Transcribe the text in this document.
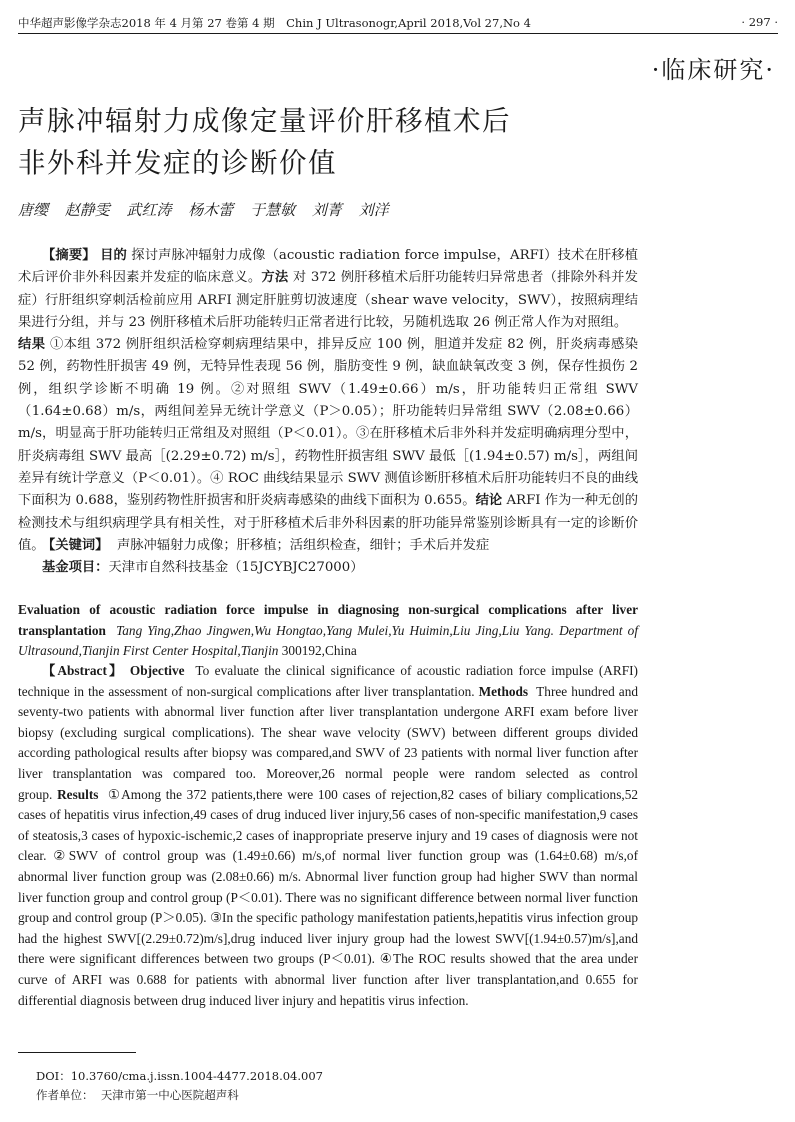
中华超声影像学杂志2018 年 4 月第 27 卷第 4 期　Chin J Ultrasonogr,April 2018,Vol 27,No 4	· 297 ·
·临床研究·
声脉冲辐射力成像定量评价肝移植术后
非外科并发症的诊断价值
唐缨 赵静雯 武红涛 杨木蕾 于慧敏 刘菁 刘洋

【摘要】 目的 探讨声脉冲辐射力成像（acoustic radiation force impulse，ARFI）技术在肝移植术后评价非外科因素并发症的临床意义。方法 对 372 例肝移植术后肝功能转归异常患者（排除外科并发症）行肝组织穿刺活检前应用 ARFI 测定肝脏剪切波速度（shear wave velocity，SWV），按照病理结果进行分组，并与 23 例肝移植术后肝功能转归正常者进行比较，另随机选取 26 例正常人作为对照组。
结果 ①本组 372 例肝组织活检穿刺病理结果中，排异反应 100 例，胆道并发症 82 例，肝炎病毒感染 52 例，药物性肝损害 49 例，无特异性表现 56 例，脂肪变性 9 例，缺血缺氧改变 3 例，保存性损伤 2 例，组织学诊断不明确 19 例。②对照组 SWV（1.49±0.66）m/s，肝功能转归正常组 SWV（1.64±0.68）m/s，两组间差异无统计学意义（P＞0.05）；肝功能转归异常组 SWV（2.08±0.66）m/s，明显高于肝功能转归正常组及对照组（P＜0.01）。③在肝移植术后非外科并发症明确病理分型中，肝炎病毒组 SWV 最高［(2.29±0.72) m/s］，药物性肝损害组 SWV 最低［(1.94±0.57) m/s］，两组间差异有统计学意义（P＜0.01）。④ ROC 曲线结果显示 SWV 测值诊断肝移植术后肝功能转归不良的曲线下面积为 0.688，鉴别药物性肝损害和肝炎病毒感染的曲线下面积为 0.655。结论 ARFI 作为一种无创的检测技术与组织病理学具有相关性，对于肝移植术后非外科因素的肝功能异常鉴别诊断具有一定的诊断价值。

【关键词】 声脉冲辐射力成像；肝移植；活组织检查，细针；手术后并发症

基金项目：天津市自然科技基金（15JCYBJC27000）

Evaluation of acoustic radiation force impulse in diagnosing non-surgical complications after liver transplantation Tang Ying,Zhao Jingwen,Wu Hongtao,Yang Mulei,Yu Huimin,Liu Jing,Liu Yang. Department of Ultrasound,Tianjin First Center Hospital,Tianjin 300192,China

【Abstract】 Objective To evaluate the clinical significance of acoustic radiation force impulse (ARFI) technique in the assessment of non-surgical complications after liver transplantation. Methods Three hundred and seventy-two patients with abnormal liver function after liver transplantation undergone ARFI exam before liver biopsy (excluding surgical complications). The shear wave velocity (SWV) between different groups divided according pathological results after biopsy was compared,and SWV of 23 patients with normal liver function after liver transplantation was compared too. Moreover,26 normal people were random selected as control group. Results ①Among the 372 patients,there were 100 cases of rejection,82 cases of biliary complications,52 cases of hepatitis virus infection,49 cases of drug induced liver injury,56 cases of non-specific manifestation,9 cases of steatosis,3 cases of hypoxic-ischemic,2 cases of inappropriate preserve injury and 19 cases of diagnosis were not clear. ②SWV of control group was (1.49±0.66) m/s,of normal liver function group was (1.64±0.68) m/s,of abnormal liver function group was (2.08±0.66) m/s. Abnormal liver function group had higher SWV than normal liver function group and control group (P＜0.01). There was no significant difference between normal liver function group and control group (P＞0.05). ③In the specific pathology manifestation patients,hepatitis virus infection group had the highest SWV[(2.29±0.72)m/s],drug induced liver injury group had the lowest SWV[(1.94±0.57)m/s],and there were significant differences between two groups (P＜0.01). ④The ROC results showed that the area under curve of ARFI was 0.688 for patients with abnormal liver function after liver transplantation,and 0.655 for differential diagnosis between drug induced liver injury and hepatitis virus infection.

DOI：10.3760/cma.j.issn.1004-4477.2018.04.007
作者单位： 天津市第一中心医院超声科
